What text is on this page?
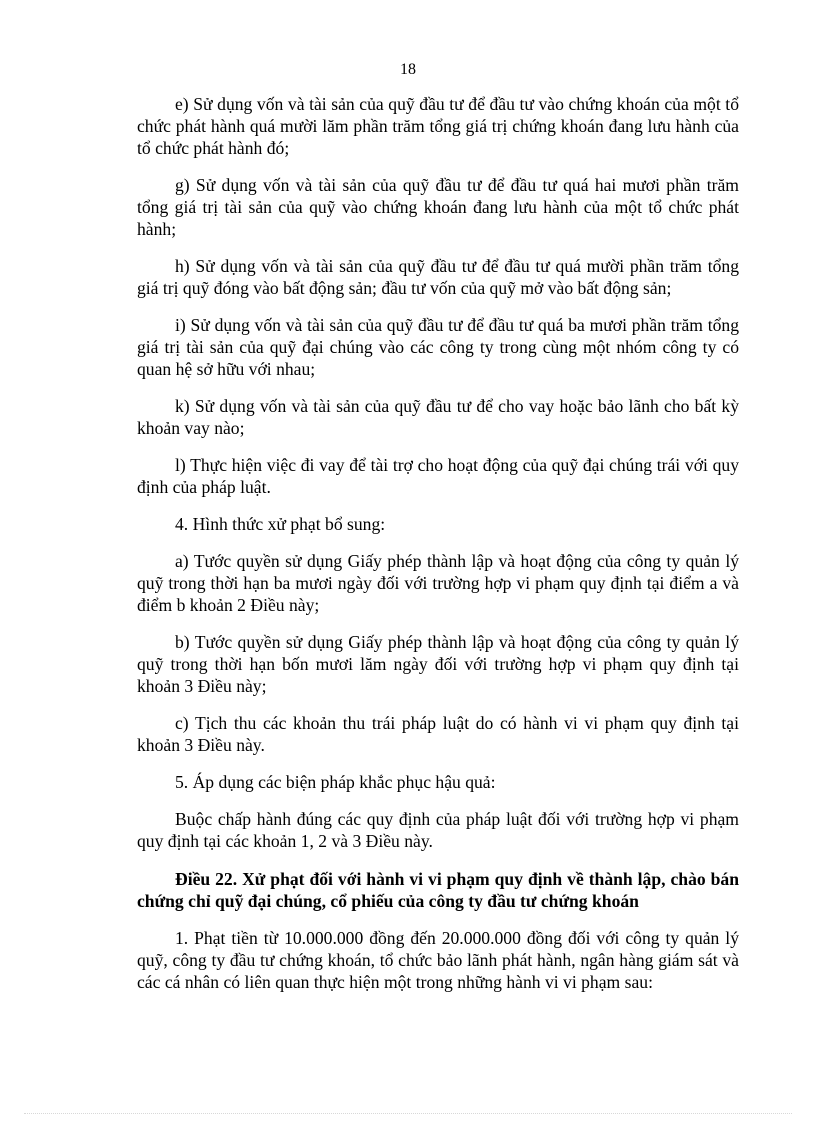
18

e) Sử dụng vốn và tài sản của quỹ đầu tư để đầu tư vào chứng khoán của một tổ chức phát hành quá mười lăm phần trăm tổng giá trị chứng khoán đang lưu hành của tổ chức phát hành đó;

g) Sử dụng vốn và tài sản của quỹ đầu tư để đầu tư quá hai mươi phần trăm tổng giá trị tài sản của quỹ vào chứng khoán đang lưu hành của một tổ chức phát hành;

h) Sử dụng vốn và tài sản của quỹ đầu tư để đầu tư quá mười phần trăm tổng giá trị quỹ đóng vào bất động sản; đầu tư vốn của quỹ mở vào bất động sản;

i) Sử dụng vốn và tài sản của quỹ đầu tư để đầu tư quá ba mươi phần trăm tổng giá trị tài sản của quỹ đại chúng vào các công ty trong cùng một nhóm công ty có quan hệ sở hữu với nhau;

k) Sử dụng vốn và tài sản của quỹ đầu tư để cho vay hoặc bảo lãnh cho bất kỳ khoản vay nào;

l) Thực hiện việc đi vay để tài trợ cho hoạt động của quỹ đại chúng trái với quy định của pháp luật.

4. Hình thức xử phạt bổ sung:

a) Tước quyền sử dụng Giấy phép thành lập và hoạt động của công ty quản lý quỹ trong thời hạn ba mươi ngày đối với trường hợp vi phạm quy định tại điểm a và điểm b khoản 2 Điều này;

b) Tước quyền sử dụng Giấy phép thành lập và hoạt động của công ty quản lý quỹ trong thời hạn bốn mươi lăm ngày đối với trường hợp vi phạm quy định tại khoản 3 Điều này;

c) Tịch thu các khoản thu trái pháp luật do có hành vi vi phạm quy định tại khoản 3 Điều này.

5. Áp dụng các biện pháp khắc phục hậu quả:

Buộc chấp hành đúng các quy định của pháp luật đối với trường hợp vi phạm quy định tại các khoản 1, 2 và 3 Điều này.

Điều 22. Xử phạt đối với hành vi vi phạm quy định về thành lập, chào bán chứng chỉ quỹ đại chúng, cổ phiếu của công ty đầu tư chứng khoán

1. Phạt tiền từ 10.000.000 đồng đến 20.000.000 đồng đối với công ty quản lý quỹ, công ty đầu tư chứng khoán, tổ chức bảo lãnh phát hành, ngân hàng giám sát và các cá nhân có liên quan thực hiện một trong những hành vi vi phạm sau:
